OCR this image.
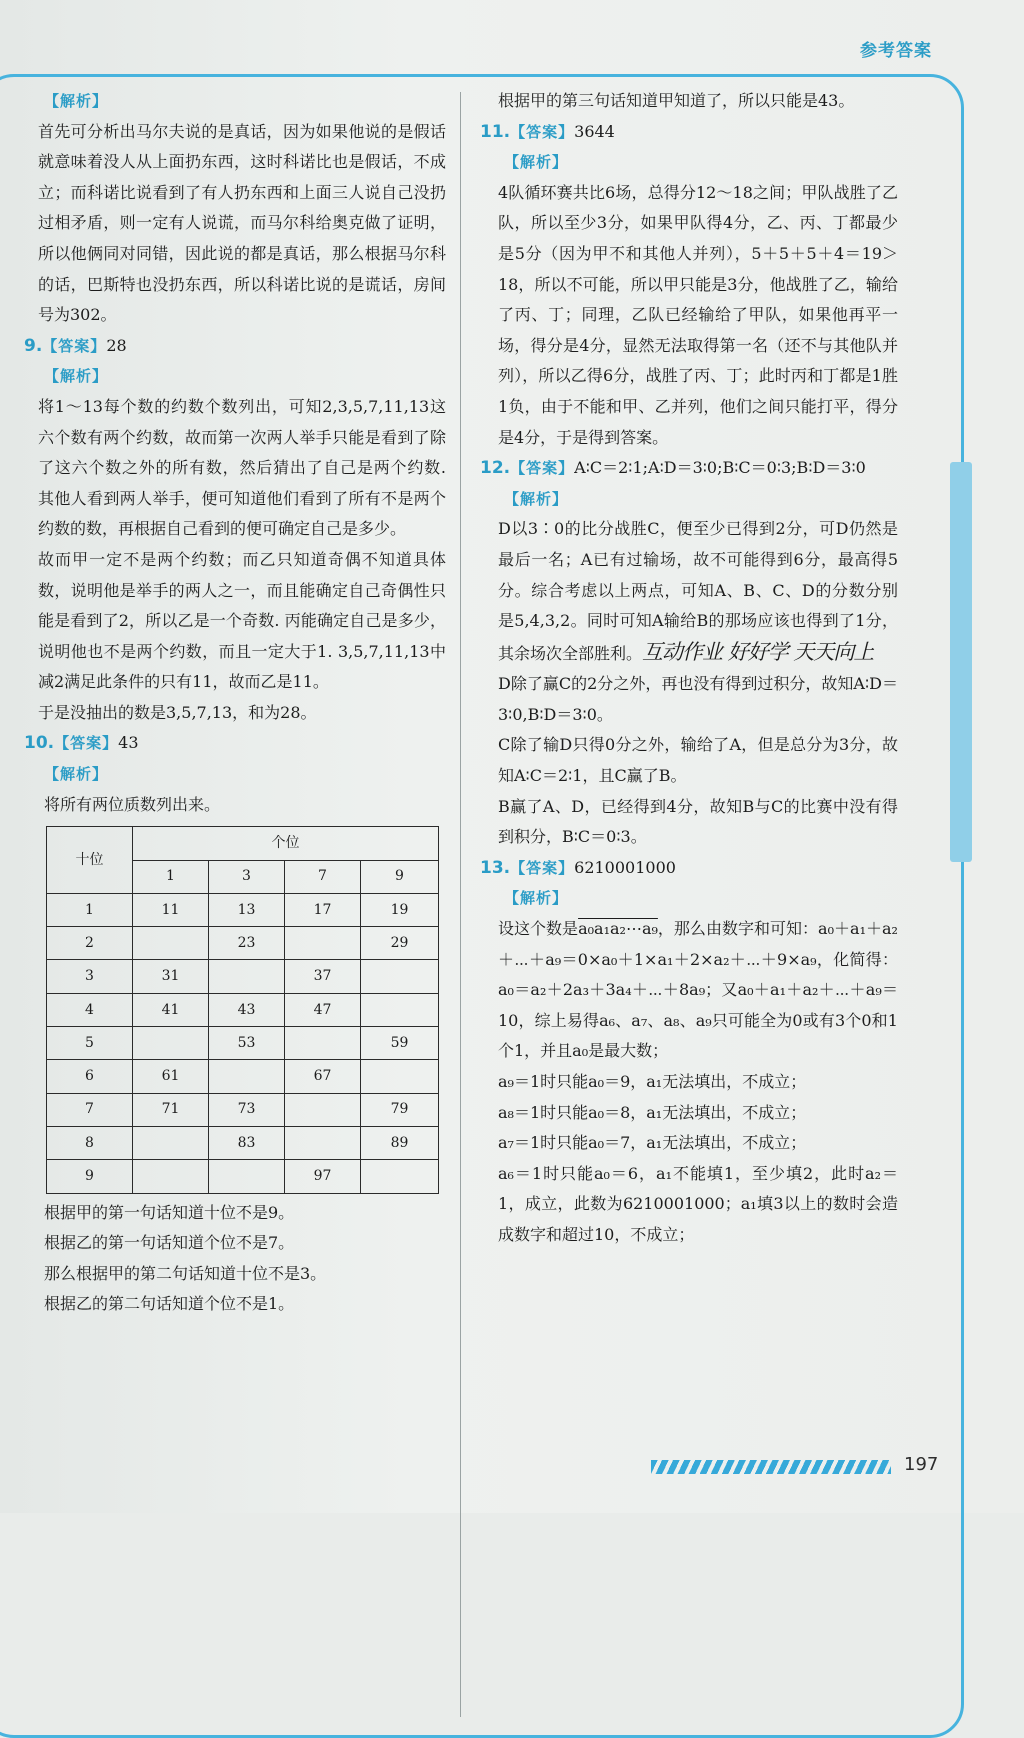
参考答案
【解析】

首先可分析出马尔夫说的是真话，因为如果他说的是假话就意味着没人从上面扔东西，这时科诺比也是假话，不成立；而科诺比说看到了有人扔东西和上面三人说自己没扔过相矛盾，则一定有人说谎，而马尔科给奥克做了证明，所以他俩同对同错，因此说的都是真话，那么根据马尔科的话，巴斯特也没扔东西，所以科诺比说的是谎话，房间号为302。

9.【答案】28
【解析】

将1～13每个数的约数个数列出，可知2,3,5,7,11,13这六个数有两个约数，故而第一次两人举手只能是看到了除了这六个数之外的所有数，然后猜出了自己是两个约数. 其他人看到两人举手，便可知道他们看到了所有不是两个约数的数，再根据自己看到的便可确定自己是多少。

故而甲一定不是两个约数；而乙只知道奇偶不知道具体数，说明他是举手的两人之一，而且能确定自己奇偶性只能是看到了2，所以乙是一个奇数. 丙能确定自己是多少，说明他也不是两个约数，而且一定大于1. 3,5,7,11,13中减2满足此条件的只有11，故而乙是11。

于是没抽出的数是3,5,7,13，和为28。

10.【答案】43
【解析】

将所有两位质数列出来。

十位	个位			
	1	3	7	9
1	11	13	17	19
2		23		29
3	31		37	
4	41	43	47	
5		53		59
6	61		67	
7	71	73		79
8		83		89
9			97	

根据甲的第一句话知道十位不是9。

根据乙的第一句话知道个位不是7。

那么根据甲的第二句话知道十位不是3。

根据乙的第二句话知道个位不是1。

根据甲的第三句话知道甲知道了，所以只能是43。

11.【答案】3644
【解析】

4队循环赛共比6场，总得分12～18之间；甲队战胜了乙队，所以至少3分，如果甲队得4分，乙、丙、丁都最少是5分（因为甲不和其他人并列），5＋5＋5＋4＝19＞18，所以不可能，所以甲只能是3分，他战胜了乙，输给了丙、丁；同理，乙队已经输给了甲队，如果他再平一场，得分是4分，显然无法取得第一名（还不与其他队并列），所以乙得6分，战胜了丙、丁；此时丙和丁都是1胜1负，由于不能和甲、乙并列，他们之间只能打平，得分是4分，于是得到答案。

12.【答案】A∶C＝2∶1;A∶D＝3∶0;B∶C＝0∶3;B∶D＝3∶0
【解析】

D以3∶0的比分战胜C，便至少已得到2分，可D仍然是最后一名；A已有过输场，故不可能得到6分，最高得5分。综合考虑以上两点，可知A、B、C、D的分数分别是5,4,3,2。同时可知A输给B的那场应该也得到了1分，其余场次全部胜利。互动作业 好好学 天天向上

D除了赢C的2分之外，再也没有得到过积分，故知A∶D＝3∶0,B∶D＝3∶0。

C除了输D只得0分之外，输给了A，但是总分为3分，故知A∶C＝2∶1，且C赢了B。

B赢了A、D，已经得到4分，故知B与C的比赛中没有得到积分，B∶C＝0∶3。

13.【答案】6210001000
【解析】

设这个数是a₀a₁a₂⋯a₉，那么由数字和可知：a₀＋a₁＋a₂＋⋯＋a₉＝0×a₀＋1×a₁＋2×a₂＋⋯＋9×a₉，化简得：a₀＝a₂＋2a₃＋3a₄＋⋯＋8a₉；又a₀＋a₁＋a₂＋⋯＋a₉＝10，综上易得a₆、a₇、a₈、a₉只可能全为0或有3个0和1个1，并且a₀是最大数；

a₉＝1时只能a₀＝9，a₁无法填出，不成立；

a₈＝1时只能a₀＝8，a₁无法填出，不成立；

a₇＝1时只能a₀＝7，a₁无法填出，不成立；

a₆＝1时只能a₀＝6，a₁不能填1，至少填2，此时a₂＝1，成立，此数为6210001000；a₁填3以上的数时会造成数字和超过10，不成立；

197
